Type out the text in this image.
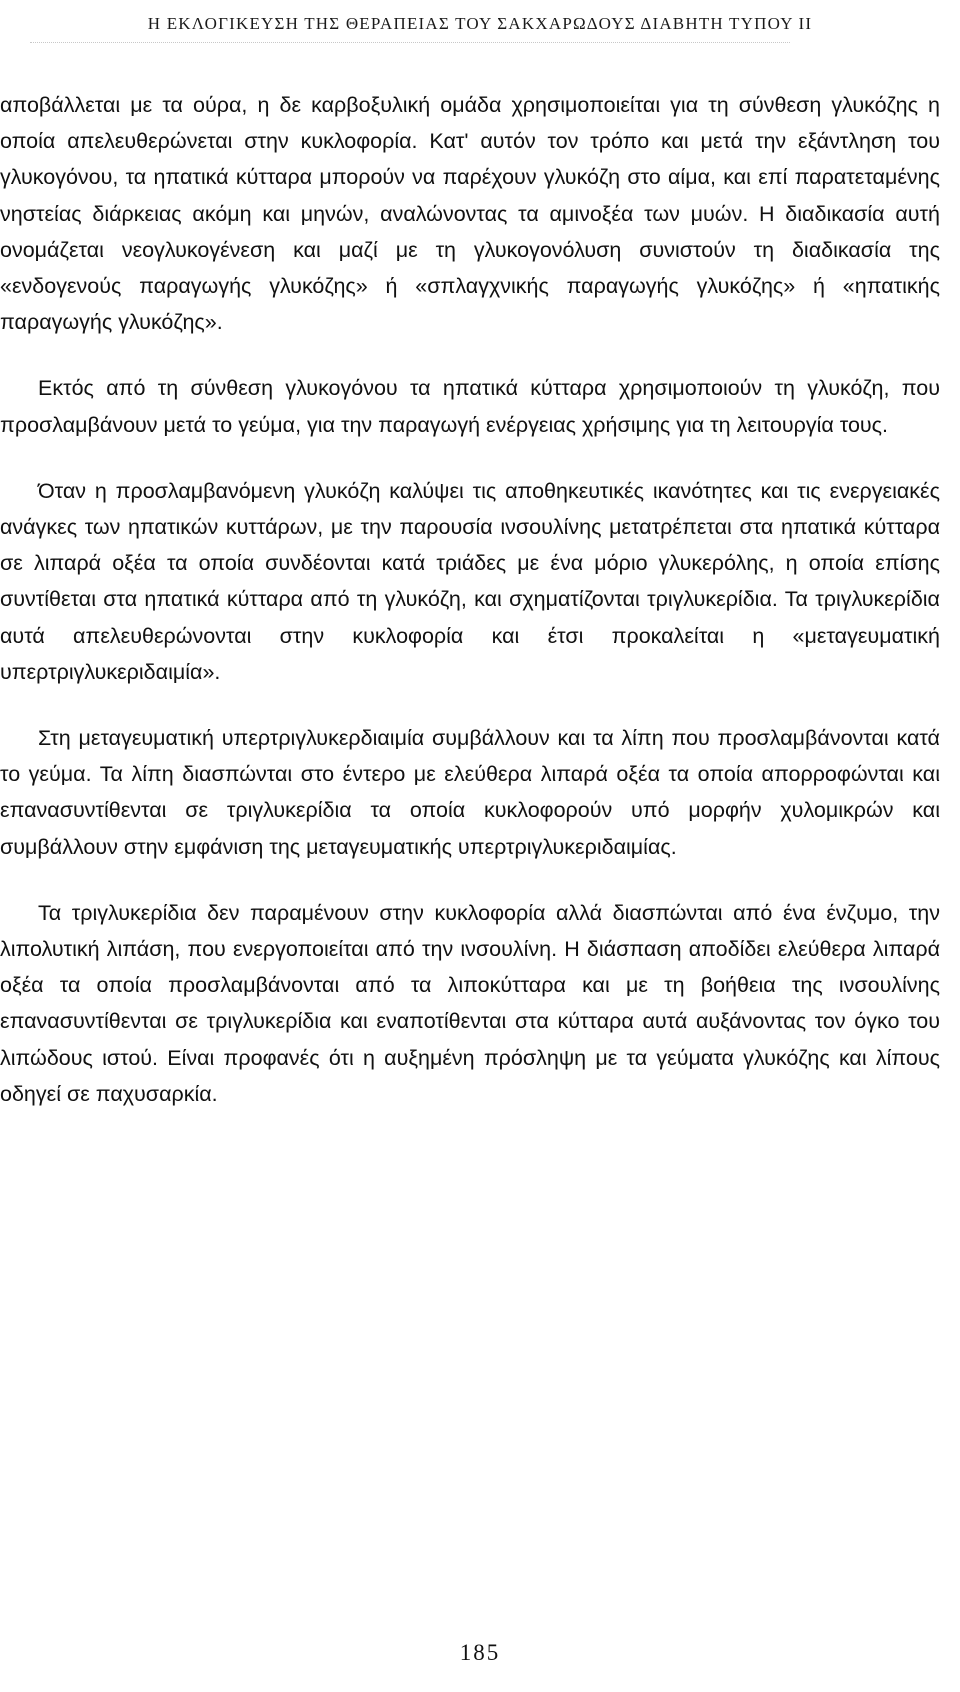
Η ΕΚΛΟΓΙΚΕΥΣΗ ΤΗΣ ΘΕΡΑΠΕΙΑΣ ΤΟΥ ΣΑΚΧΑΡΩΔΟΥΣ ΔΙΑΒΗΤΗ ΤΥΠΟΥ ΙΙ

αποβάλλεται με τα ούρα, η δε καρβοξυλική ομάδα χρησιμοποιείται για τη σύνθεση γλυκόζης η οποία απελευθερώνεται στην κυκλοφορία. Κατ' αυτόν τον τρόπο και μετά την εξάντληση του γλυκογόνου, τα ηπατικά κύτταρα μπορούν να παρέχουν γλυκόζη στο αίμα, και επί παρατεταμένης νηστείας διάρκειας ακόμη και μηνών, αναλώνοντας τα αμινοξέα των μυών. Η διαδικασία αυτή ονομάζεται νεογλυκογένεση και μαζί με τη γλυκογονόλυση συνιστούν τη διαδικασία της «ενδογενούς παραγωγής γλυκόζης» ή «σπλαγχνικής παραγωγής γλυκόζης» ή «ηπατικής παραγωγής γλυκόζης».

Εκτός από τη σύνθεση γλυκογόνου τα ηπατικά κύτταρα χρησιμοποιούν τη γλυκόζη, που προσλαμβάνουν μετά το γεύμα, για την παραγωγή ενέργειας χρήσιμης για τη λειτουργία τους.

Όταν η προσλαμβανόμενη γλυκόζη καλύψει τις αποθηκευτικές ικανότητες και τις ενεργειακές ανάγκες των ηπατικών κυττάρων, με την παρουσία ινσουλίνης μετατρέπεται στα ηπατικά κύτταρα σε λιπαρά οξέα τα οποία συνδέονται κατά τριάδες με ένα μόριο γλυκερόλης, η οποία επίσης συντίθεται στα ηπατικά κύτταρα από τη γλυκόζη, και σχηματίζονται τριγλυκερίδια. Τα τριγλυκερίδια αυτά απελευθερώνονται στην κυκλοφορία και έτσι προκαλείται η «μεταγευματική υπερτριγλυκεριδαιμία».

Στη μεταγευματική υπερτριγλυκερδιαιμία συμβάλλουν και τα λίπη που προσλαμβάνονται κατά το γεύμα. Τα λίπη διασπώνται στο έντερο με ελεύθερα λιπαρά οξέα τα οποία απορροφώνται και επανασυντίθενται σε τριγλυκερίδια τα οποία κυκλοφορούν υπό μορφήν χυλομικρών και συμβάλλουν στην εμφάνιση της μεταγευματικής υπερτριγλυκεριδαιμίας.

Τα τριγλυκερίδια δεν παραμένουν στην κυκλοφορία αλλά διασπώνται από ένα ένζυμο, την λιπολυτική λιπάση, που ενεργοποιείται από την ινσουλίνη. Η διάσπαση αποδίδει ελεύθερα λιπαρά οξέα τα οποία προσλαμβάνονται από τα λιποκύτταρα και με τη βοήθεια της ινσουλίνης επανασυντίθενται σε τριγλυκερίδια και εναποτίθενται στα κύτταρα αυτά αυξάνοντας τον όγκο του λιπώδους ιστού. Είναι προφανές ότι η αυξημένη πρόσληψη με τα γεύματα γλυκόζης και λίπους οδηγεί σε παχυσαρκία.

185
